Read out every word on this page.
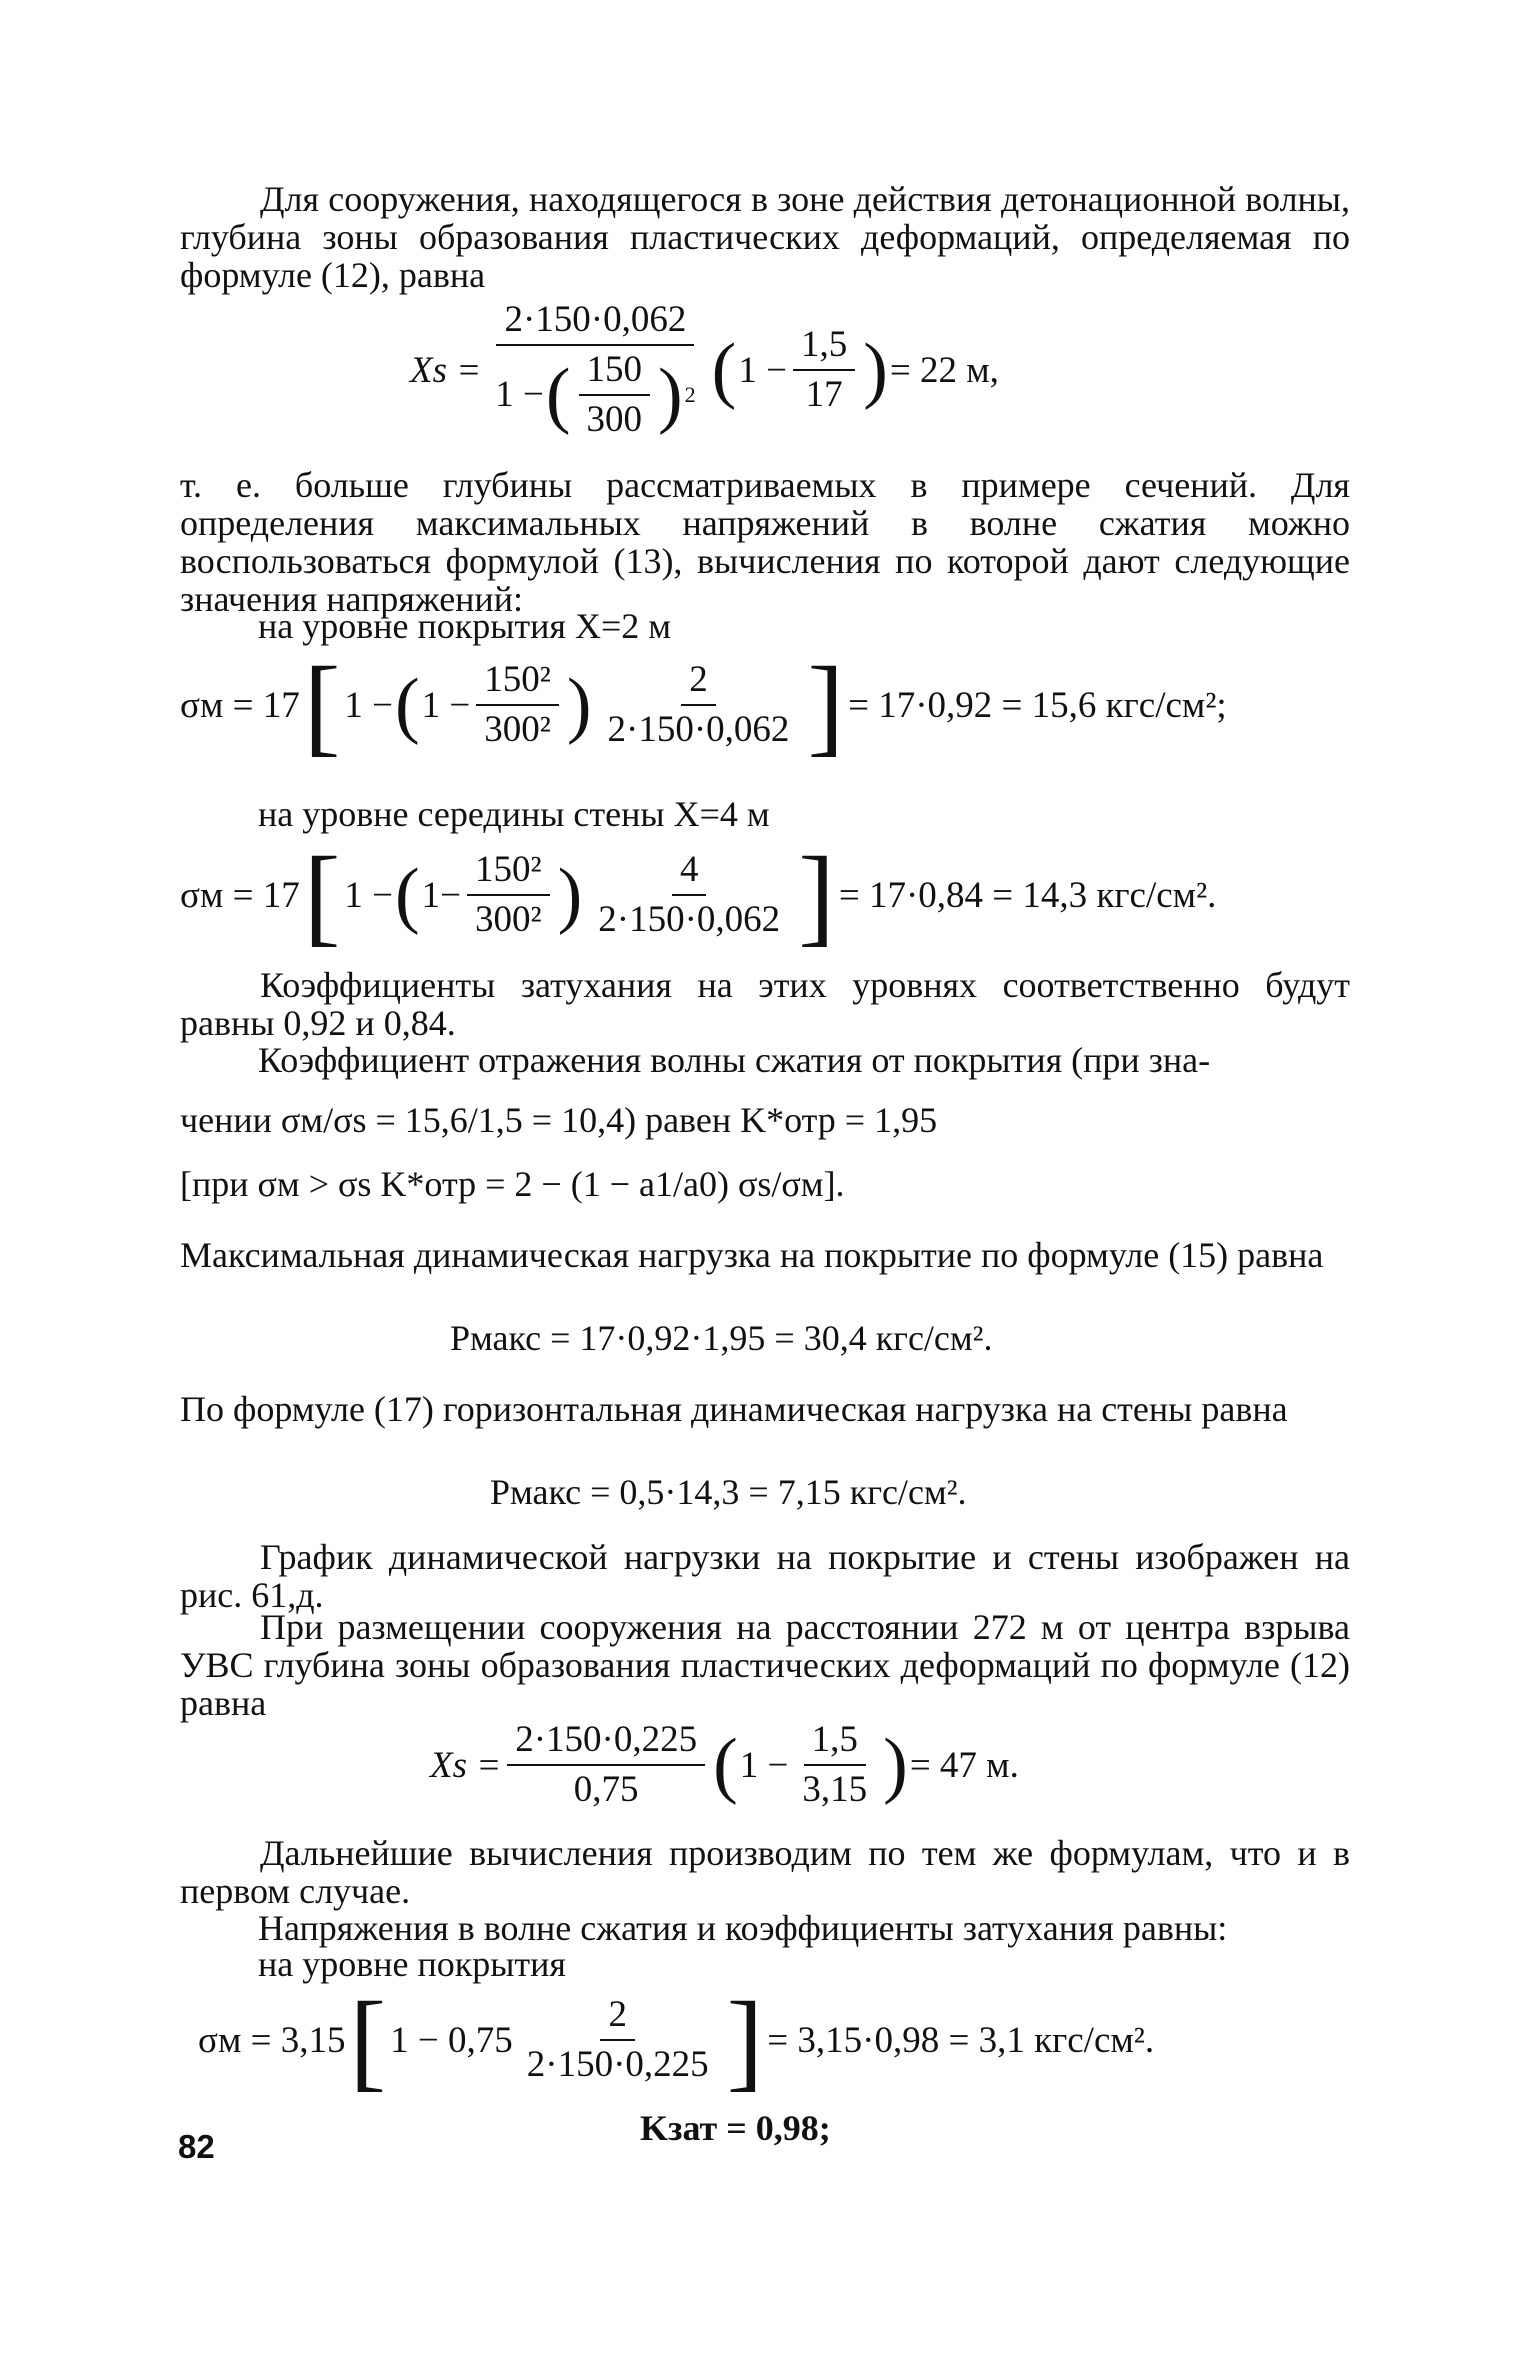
Для сооружения, находящегося в зоне действия детонационной волны, глубина зоны образования пластических деформаций, определяемая по формуле (12), равна
Xs =
2·150·0,062
1 − ( $\frac{150}{300}$ ) 2 ( $1 - \frac{1,5}{17}$ ) = 22 м,
т. е. больше глубины рассматриваемых в примере сечений. Для определения максимальных напряжений в волне сжатия можно воспользоваться формулой (13), вычисления по которой дают следующие значения напряжений:
на уровне покрытия X=2 м
σм = 17 [ 1 − ( $1 - \frac{\text{150²}}{\text{300²}}$ ) $\frac{2}{2\cdot 150\cdot 0,062}$ ] = 17·0,92 = 15,6 кгс/см²;
на уровне середины стены X=4 м
σм = 17 [ 1 − ( $1- \frac{\text{150²}}{\text{300²}}$ ) $\frac{4}{2\cdot 150\cdot 0,062}$ ] = 17·0,84 = 14,3 кгс/см².
Коэффициенты затухания на этих уровнях соответственно будут равны 0,92 и 0,84.
Коэффициент отражения волны сжатия от покрытия (при зна-
чении σм/σs = 15,6/1,5 = 10,4) равен K*отр = 1,95
[при σм > σs K*отр = 2 − (1 − a1/a0) σs/σм].
Максимальная динамическая нагрузка на покрытие по формуле (15) равна
Pмакс = 17·0,92·1,95 = 30,4 кгс/см².
По формуле (17) горизонтальная динамическая нагрузка на стены равна
Pмакс = 0,5·14,3 = 7,15 кгс/см².
График динамической нагрузки на покрытие и стены изображен на рис. 61,д.
При размещении сооружения на расстоянии 272 м от центра взрыва УВС глубина зоны образования пластических деформаций по формуле (12) равна
$Xs = \frac{2\cdot 150\cdot 0,225}{0,75}$ ( $1 - \frac{1,5}{3,15}$ ) = 47 м.
Дальнейшие вычисления производим по тем же формулам, что и в первом случае.
Напряжения в волне сжатия и коэффициенты затухания равны:
на уровне покрытия
σм = 3,15 [ $1 - 0,75 \frac{2}{2\cdot 150\cdot 0,225}$ ] = 3,15·0,98 = 3,1 кгс/см².
Kзат = 0,98;
82
